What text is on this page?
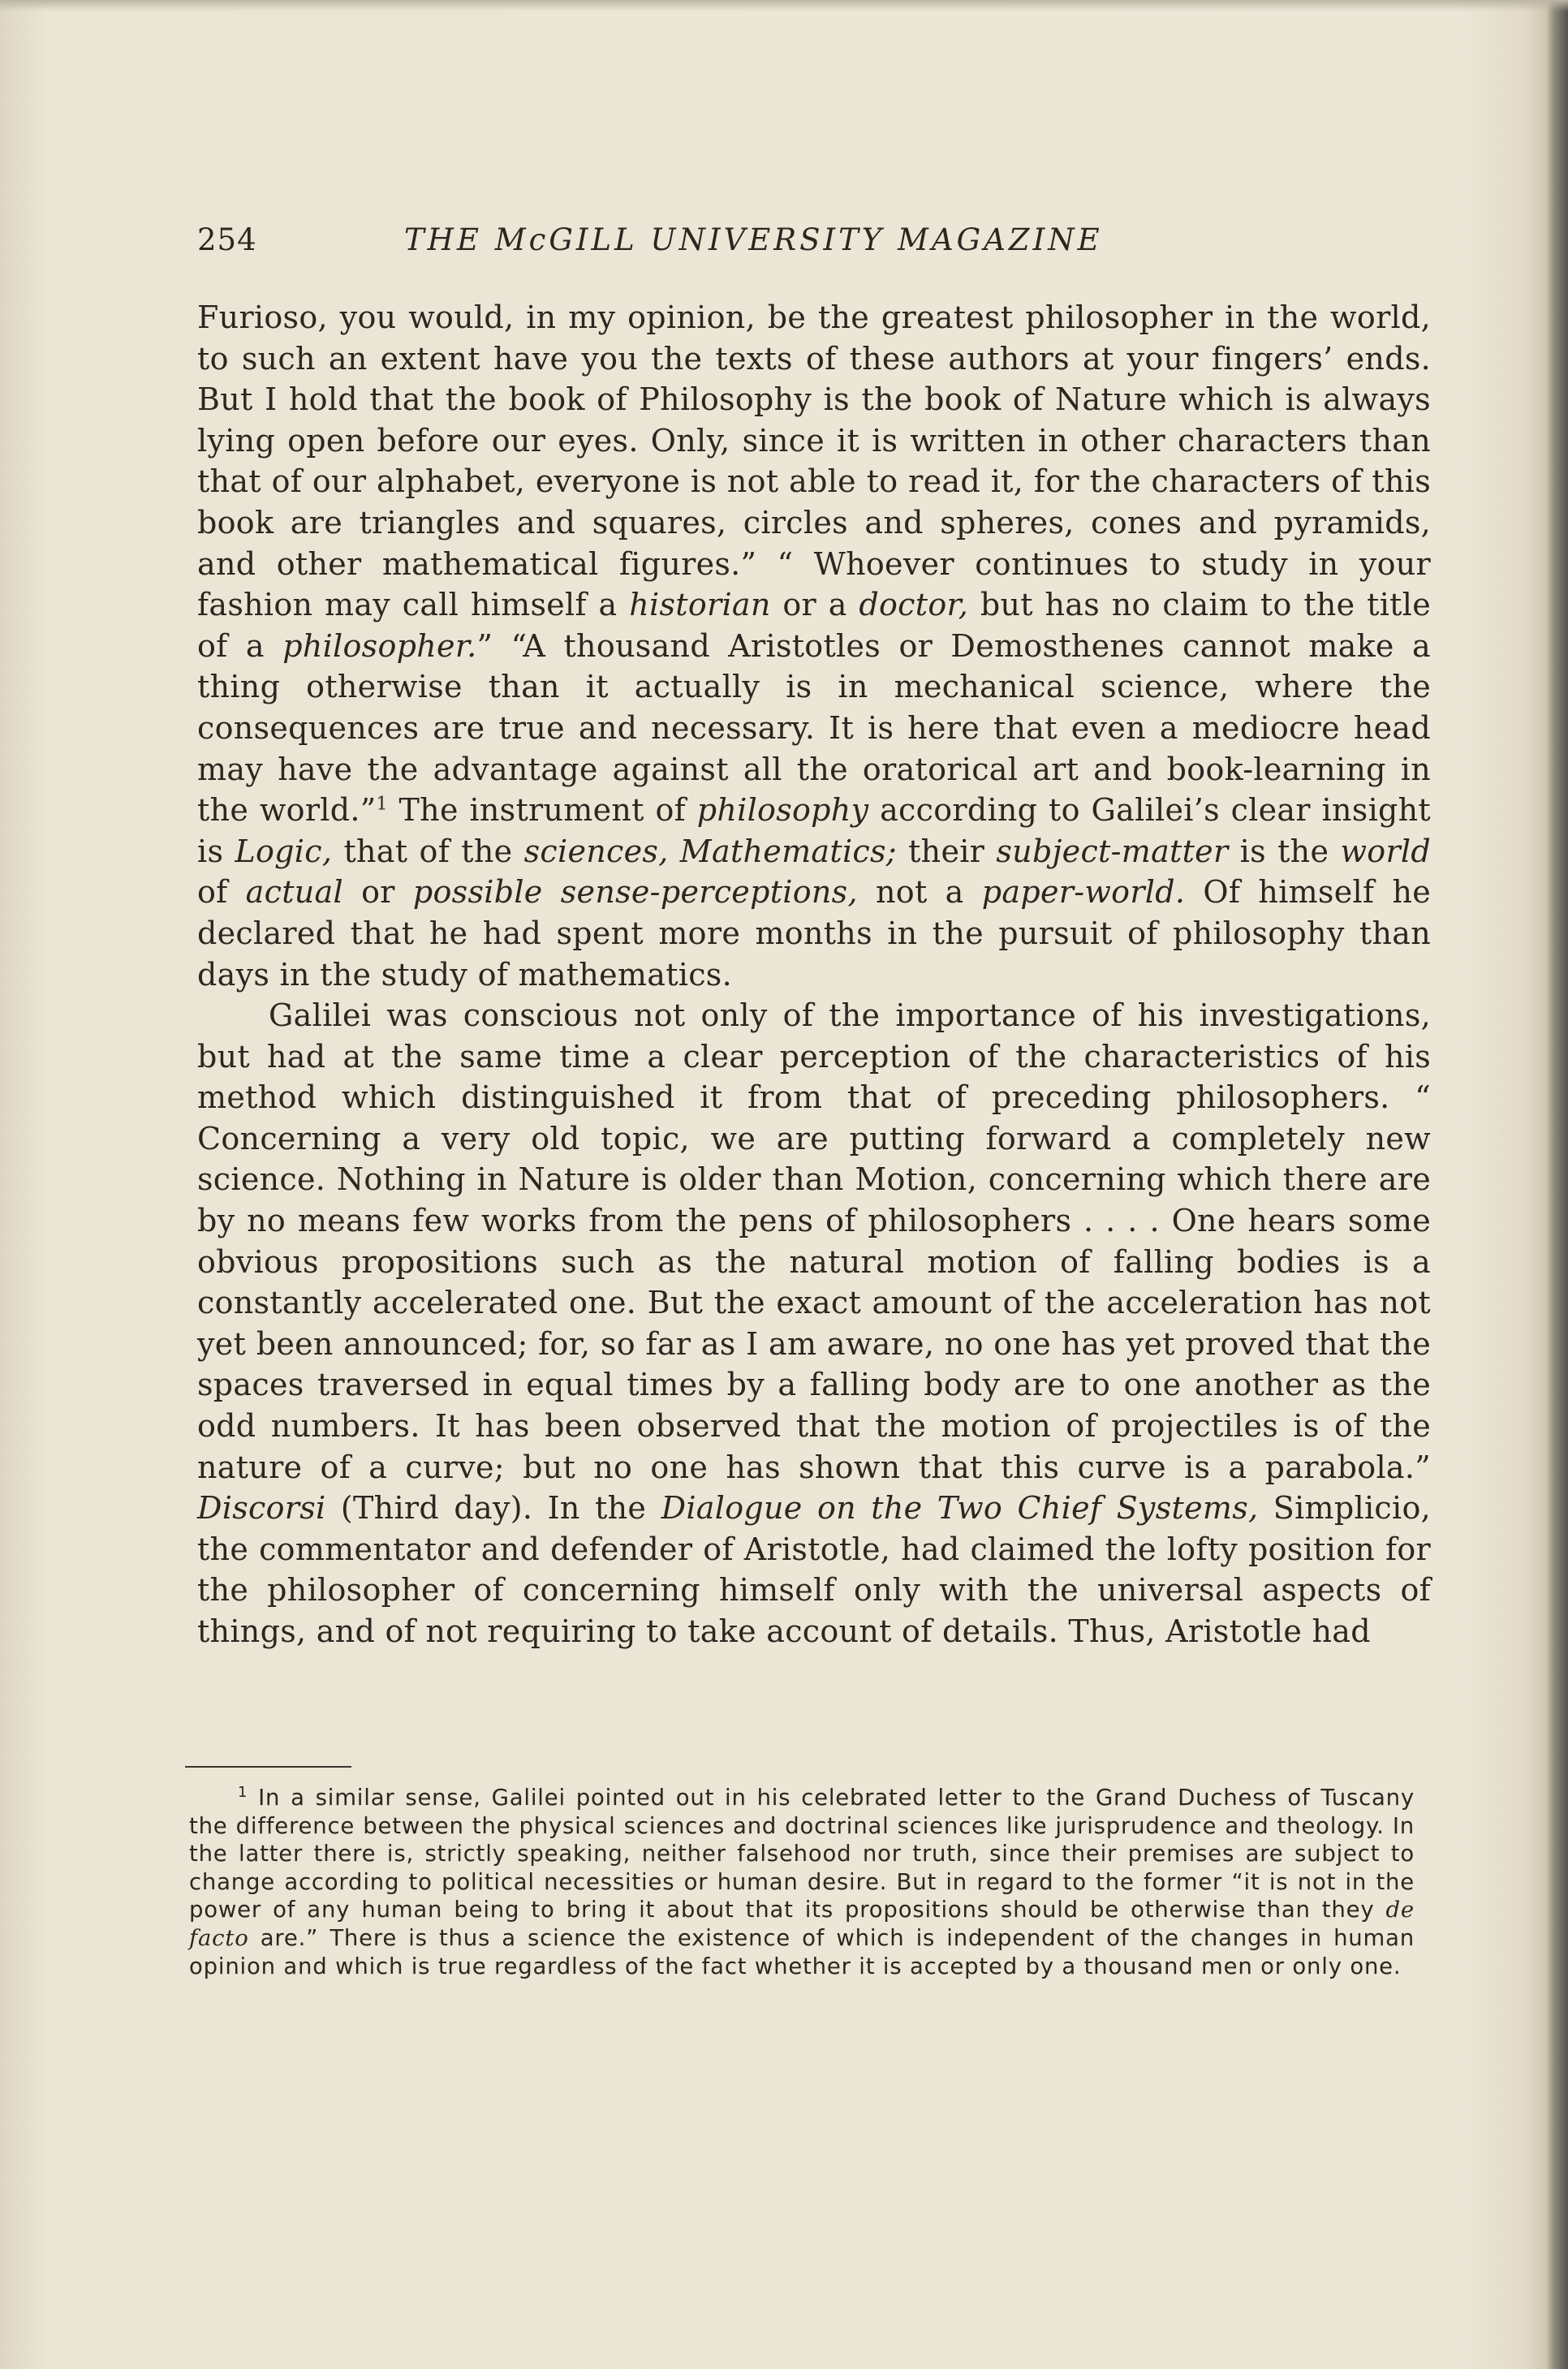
254	THE McGILL UNIVERSITY MAGAZINE

Furioso, you would, in my opinion, be the greatest philosopher in the world, to such an extent have you the texts of these authors at your fingers’ ends. But I hold that the book of Philosophy is the book of Nature which is always lying open before our eyes. Only, since it is written in other characters than that of our alphabet, everyone is not able to read it, for the characters of this book are triangles and squares, circles and spheres, cones and pyramids, and other mathematical figures.” “ Whoever continues to study in your fashion may call himself a historian or a doctor, but has no claim to the title of a philosopher.” “A thousand Aristotles or Demosthenes cannot make a thing otherwise than it actually is in mechanical science, where the consequences are true and necessary. It is here that even a mediocre head may have the advantage against all the oratorical art and book-learning in the world.”$^1$ The instrument of philosophy according to Galilei’s clear insight is Logic, that of the sciences, Mathematics; their subject-matter is the world of actual or possible sense-perceptions, not a paper-world. Of himself he declared that he had spent more months in the pursuit of philosophy than days in the study of mathematics.

Galilei was conscious not only of the importance of his investigations, but had at the same time a clear perception of the characteristics of his method which distinguished it from that of preceding philosophers. “ Concerning a very old topic, we are putting forward a completely new science. Nothing in Nature is older than Motion, concerning which there are by no means few works from the pens of philosophers . . . . One hears some obvious propositions such as the natural motion of falling bodies is a constantly accelerated one. But the exact amount of the acceleration has not yet been announced; for, so far as I am aware, no one has yet proved that the spaces traversed in equal times by a falling body are to one another as the odd numbers. It has been observed that the motion of projectiles is of the nature of a curve; but no one has shown that this curve is a parabola.” Discorsi (Third day). In the Dialogue on the Two Chief Systems, Simplicio, the commentator and defender of Aristotle, had claimed the lofty position for the philosopher of concerning himself only with the universal aspects of things, and of not requiring to take account of details. Thus, Aristotle had

$^1$ In a similar sense, Galilei pointed out in his celebrated letter to the Grand Duchess of Tuscany the difference between the physical sciences and doctrinal sciences like jurisprudence and theology. In the latter there is, strictly speaking, neither falsehood nor truth, since their premises are subject to change according to political necessities or human desire. But in regard to the former “it is not in the power of any human being to bring it about that its propositions should be otherwise than they de facto are.” There is thus a science the existence of which is independent of the changes in human opinion and which is true regardless of the fact whether it is accepted by a thousand men or only one.
